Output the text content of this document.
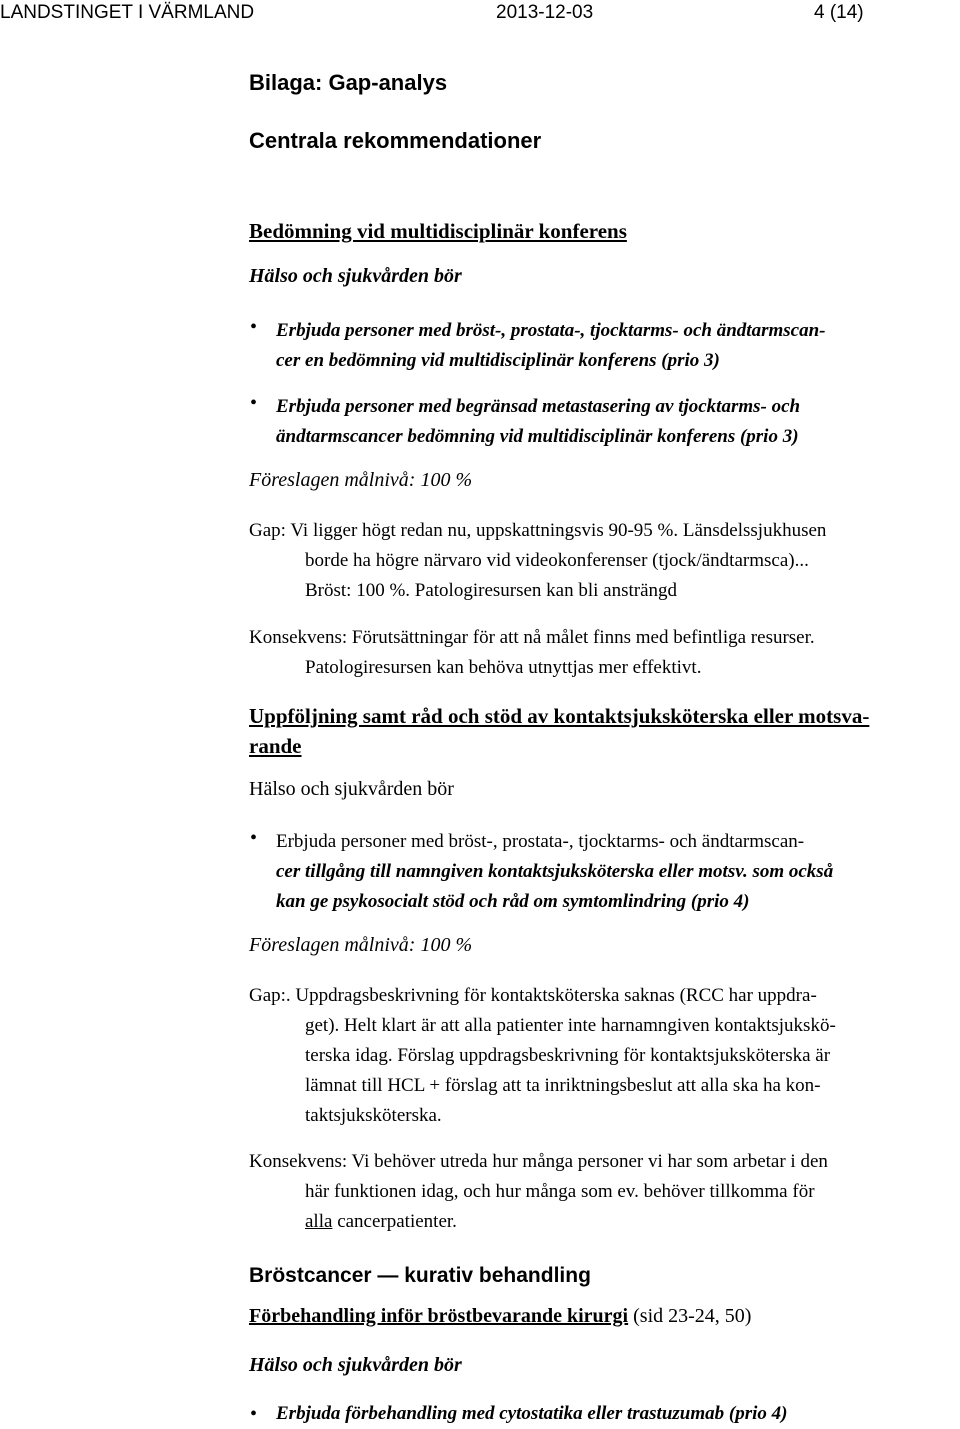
LANDSTINGET I VÄRMLAND	2013-12-03	4 (14)
Bilaga: Gap-analys
Centrala rekommendationer
Bedömning vid multidisciplinär konferens
Hälso och sjukvården bör
• Erbjuda personer med bröst-, prostata-, tjocktarms- och ändtarmscan-
cer en bedömning vid multidisciplinär konferens (prio 3)
• Erbjuda personer med begränsad metastasering av tjocktarms- och
ändtarmscancer bedömning vid multidisciplinär konferens (prio 3)
Föreslagen målnivå: 100 %
Gap: Vi ligger högt redan nu, uppskattningsvis 90-95 %. Länsdelssjukhusen
borde ha högre närvaro vid videokonferenser (tjock/ändtarmsca)...
Bröst: 100 %. Patologiresursen kan bli ansträngd
Konsekvens: Förutsättningar för att nå målet finns med befintliga resurser.
Patologiresursen kan behöva utnyttjas mer effektivt.
Uppföljning samt råd och stöd av kontaktsjuksköterska eller motsva-
rande
Hälso och sjukvården bör
• Erbjuda personer med bröst-, prostata-, tjocktarms- och ändtarmscan-
cer tillgång till namngiven kontaktsjuksköterska eller motsv. som också
kan ge psykosocialt stöd och råd om symtomlindring (prio 4)
Föreslagen målnivå: 100 %
Gap:. Uppdragsbeskrivning för kontaktsköterska saknas (RCC har uppdra-
get). Helt klart är att alla patienter inte harnamngiven kontaktsjukskö-
terska idag. Förslag uppdragsbeskrivning för kontaktsjuksköterska är
lämnat till HCL + förslag att ta inriktningsbeslut att alla ska ha kon-
taktsjuksköterska.
Konsekvens: Vi behöver utreda hur många personer vi har som arbetar i den
här funktionen idag, och hur många som ev. behöver tillkomma för
alla cancerpatienter.
Bröstcancer — kurativ behandling
Förbehandling inför bröstbevarande kirurgi (sid 23-24, 50)
Hälso och sjukvården bör
• Erbjuda förbehandling med cytostatika eller trastuzumab (prio 4)
